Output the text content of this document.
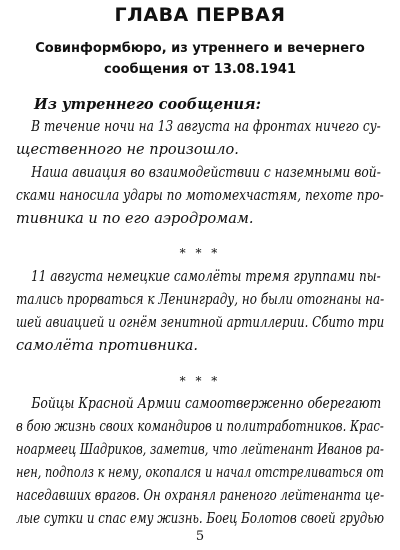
ГЛАВА ПЕРВАЯ
Совинформбюро, из утреннего и вечернего
сообщения от 13.08.1941
Из утреннего сообщения:
В течение ночи на 13 августа на фронтах ничего су-
щественного не произошло.
Наша авиация во взаимодействии с наземными вой-
сками наносила удары по мотомехчастям, пехоте про-
тивника и по его аэродромам.
* * *
11 августа немецкие самолёты тремя группами пы-
тались прорваться к Ленинграду, но были отогнаны на-
шей авиацией и огнём зенитной артиллерии. Сбито три
самолёта противника.
* * *
Бойцы Красной Армии самоотверженно оберегают
в бою жизнь своих командиров и политработников. Крас-
ноармеец Шадриков, заметив, что лейтенант Иванов ра-
нен, подполз к нему, окопался и начал отстреливаться от
наседавших врагов. Он охранял раненого лейтенанта це-
лые сутки и спас ему жизнь. Боец Болотов своей грудью
5
